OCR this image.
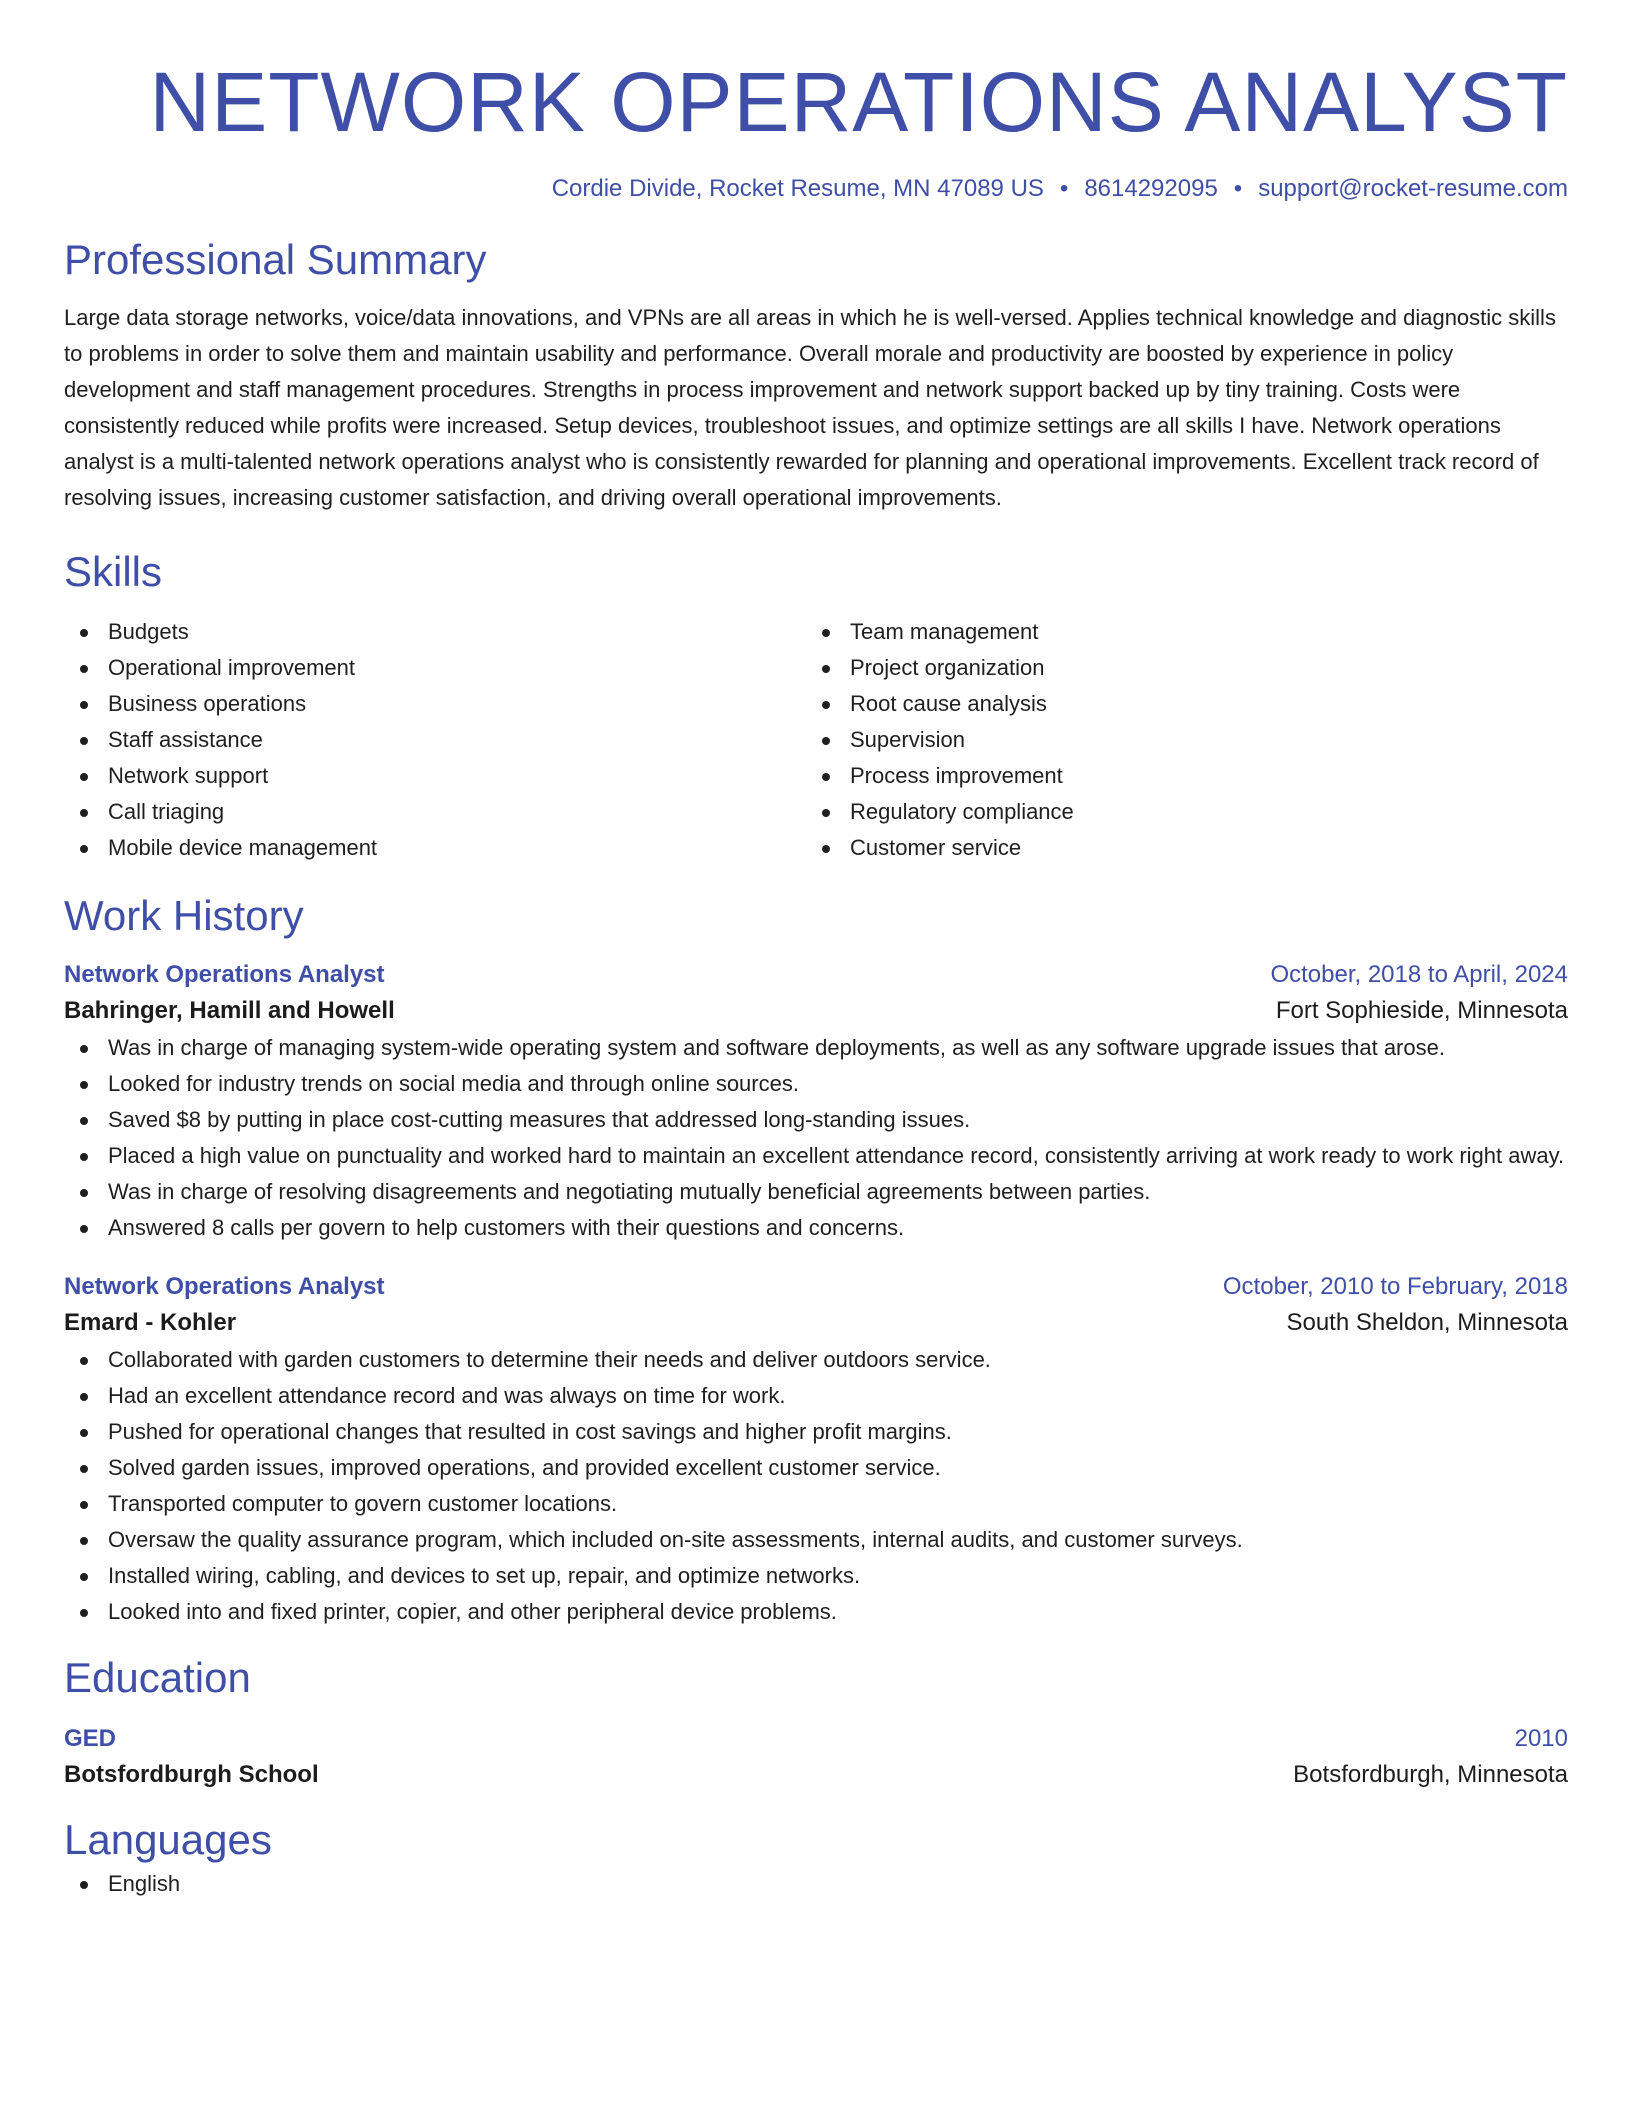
NETWORK OPERATIONS ANALYST
Cordie Divide, Rocket Resume, MN 47089 US • 8614292095 • support@rocket-resume.com
Professional Summary

Large data storage networks, voice/data innovations, and VPNs are all areas in which he is well-versed. Applies technical knowledge and diagnostic skills to problems in order to solve them and maintain usability and performance. Overall morale and productivity are boosted by experience in policy development and staff management procedures. Strengths in process improvement and network support backed up by tiny training. Costs were consistently reduced while profits were increased. Setup devices, troubleshoot issues, and optimize settings are all skills I have. Network operations analyst is a multi-talented network operations analyst who is consistently rewarded for planning and operational improvements. Excellent track record of resolving issues, increasing customer satisfaction, and driving overall operational improvements.

Skills
Budgets
Operational improvement
Business operations
Staff assistance
Network support
Call triaging
Mobile device management
Team management
Project organization
Root cause analysis
Supervision
Process improvement
Regulatory compliance
Customer service
Work History
Network Operations Analyst	October, 2018 to April, 2024
Bahringer, Hamill and Howell	Fort Sophieside, Minnesota
Was in charge of managing system-wide operating system and software deployments, as well as any software upgrade issues that arose.
Looked for industry trends on social media and through online sources.
Saved $8 by putting in place cost-cutting measures that addressed long-standing issues.
Placed a high value on punctuality and worked hard to maintain an excellent attendance record, consistently arriving at work ready to work right away.
Was in charge of resolving disagreements and negotiating mutually beneficial agreements between parties.
Answered 8 calls per govern to help customers with their questions and concerns.
Network Operations Analyst	October, 2010 to February, 2018
Emard - Kohler	South Sheldon, Minnesota
Collaborated with garden customers to determine their needs and deliver outdoors service.
Had an excellent attendance record and was always on time for work.
Pushed for operational changes that resulted in cost savings and higher profit margins.
Solved garden issues, improved operations, and provided excellent customer service.
Transported computer to govern customer locations.
Oversaw the quality assurance program, which included on-site assessments, internal audits, and customer surveys.
Installed wiring, cabling, and devices to set up, repair, and optimize networks.
Looked into and fixed printer, copier, and other peripheral device problems.
Education
GED	2010
Botsfordburgh School	Botsfordburgh, Minnesota
Languages
English
